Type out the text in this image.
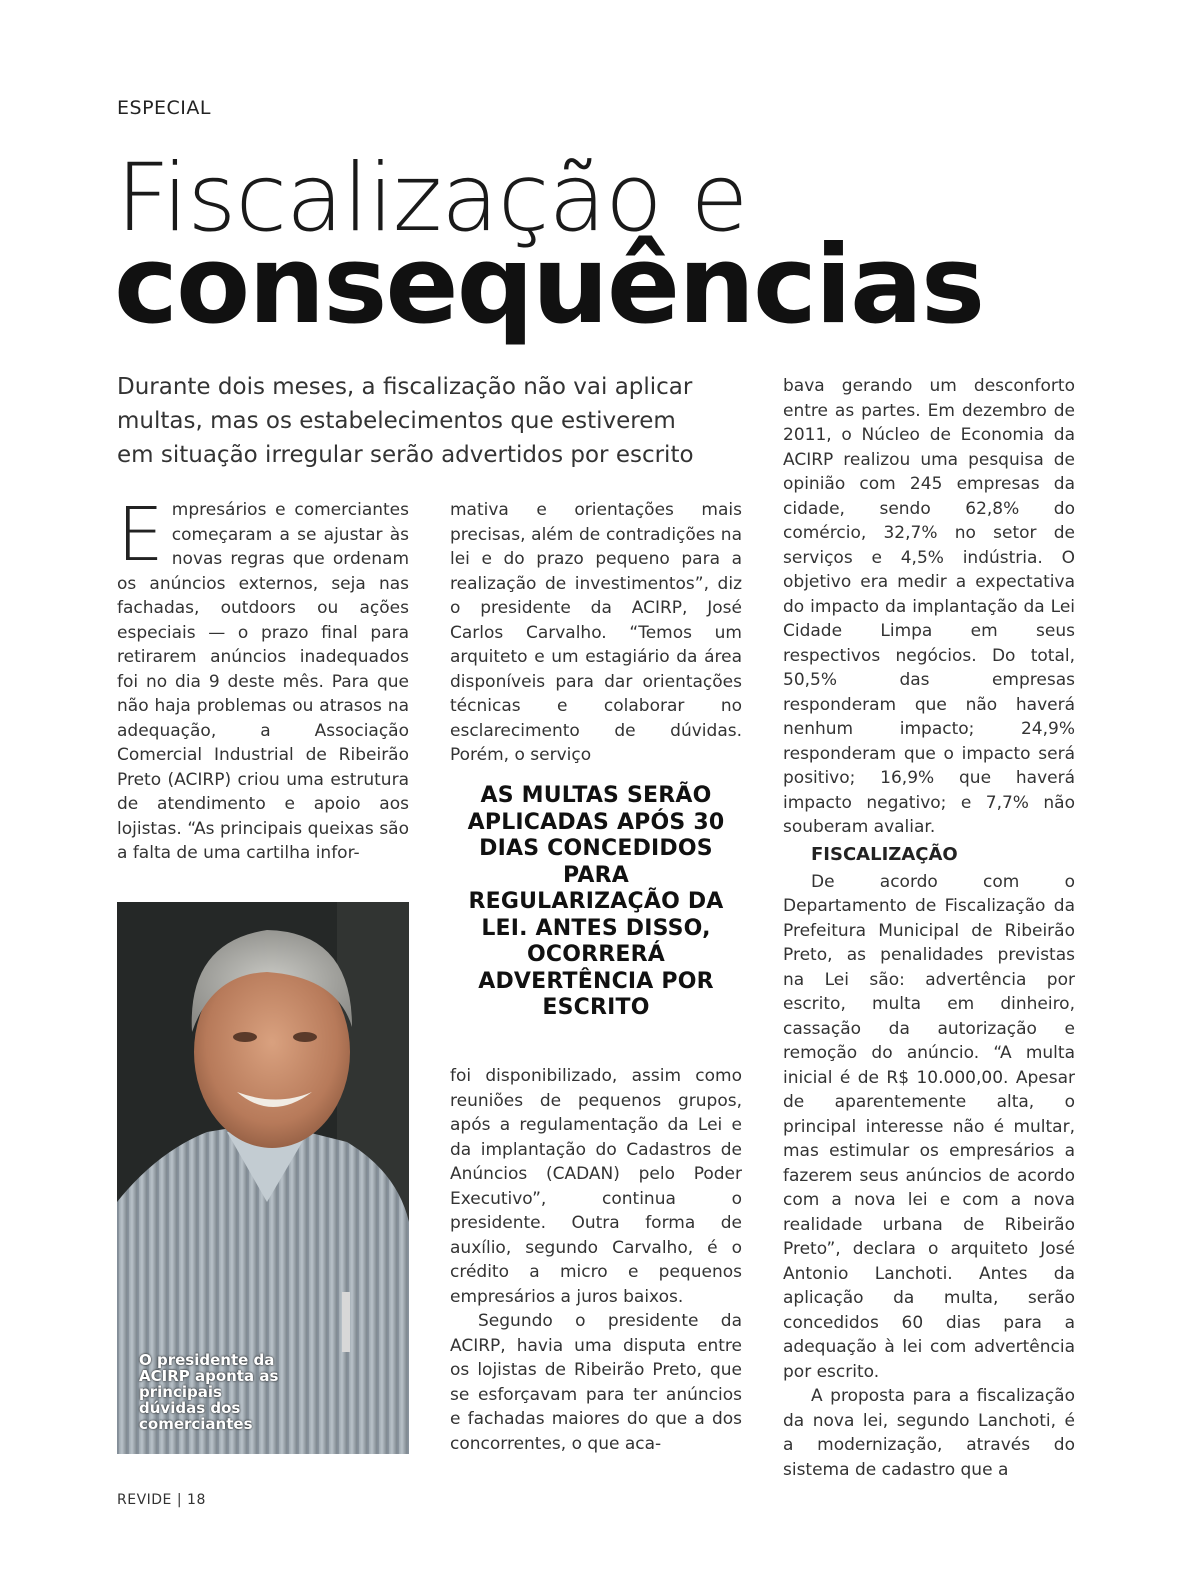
ESPECIAL
Fiscalização e
consequências
Durante dois meses, a fiscalização não vai aplicar multas, mas os estabelecimentos que estiverem em situação irregular serão advertidos por escrito

Empresários e comerciantes começaram a se ajustar às novas regras que ordenam os anúncios externos, seja nas fachadas, outdoors ou ações especiais — o prazo final para retirarem anúncios inadequados foi no dia 9 deste mês. Para que não haja problemas ou atrasos na adequação, a Associação Comercial Industrial de Ribeirão Preto (ACIRP) criou uma estrutura de atendimento e apoio aos lojistas. “As principais queixas são a falta de uma cartilha infor-

mativa e orientações mais precisas, além de contradições na lei e do prazo pequeno para a realização de investimentos”, diz o presidente da ACIRP, José Carlos Carvalho. “Temos um arquiteto e um estagiário da área disponíveis para dar orientações técnicas e colaborar no esclarecimento de dúvidas. Porém, o serviço

AS MULTAS SERÃO APLICADAS APÓS 30 DIAS CONCEDIDOS PARA REGULARIZAÇÃO DA LEI. ANTES DISSO, OCORRERÁ ADVERTÊNCIA POR ESCRITO

foi disponibilizado, assim como reuniões de pequenos grupos, após a regulamentação da Lei e da implantação do Cadastros de Anúncios (CADAN) pelo Poder Executivo”, continua o presidente. Outra forma de auxílio, segundo Carvalho, é o crédito a micro e pequenos empresários a juros baixos.

Segundo o presidente da ACIRP, havia uma disputa entre os lojistas de Ribeirão Preto, que se esforçavam para ter anúncios e fachadas maiores do que a dos concorrentes, o que aca-

bava gerando um desconforto entre as partes. Em dezembro de 2011, o Núcleo de Economia da ACIRP realizou uma pesquisa de opinião com 245 empresas da cidade, sendo 62,8% do comércio, 32,7% no setor de serviços e 4,5% indústria. O objetivo era medir a expectativa do impacto da implantação da Lei Cidade Limpa em seus respectivos negócios. Do total, 50,5% das empresas responderam que não haverá nenhum impacto; 24,9% responderam que o impacto será positivo; 16,9% que haverá impacto negativo; e 7,7% não souberam avaliar.

FISCALIZAÇÃO

De acordo com o Departamento de Fiscalização da Prefeitura Municipal de Ribeirão Preto, as penalidades previstas na Lei são: advertência por escrito, multa em dinheiro, cassação da autorização e remoção do anúncio. “A multa inicial é de R$ 10.000,00. Apesar de aparentemente alta, o principal interesse não é multar, mas estimular os empresários a fazerem seus anúncios de acordo com a nova lei e com a nova realidade urbana de Ribeirão Preto”, declara o arquiteto José Antonio Lanchoti. Antes da aplicação da multa, serão concedidos 60 dias para a adequação à lei com advertência por escrito.

A proposta para a fiscalização da nova lei, segundo Lanchoti, é a modernização, através do sistema de cadastro que a

O presidente da ACIRP aponta as principais dúvidas dos comerciantes
REVIDE | 18
